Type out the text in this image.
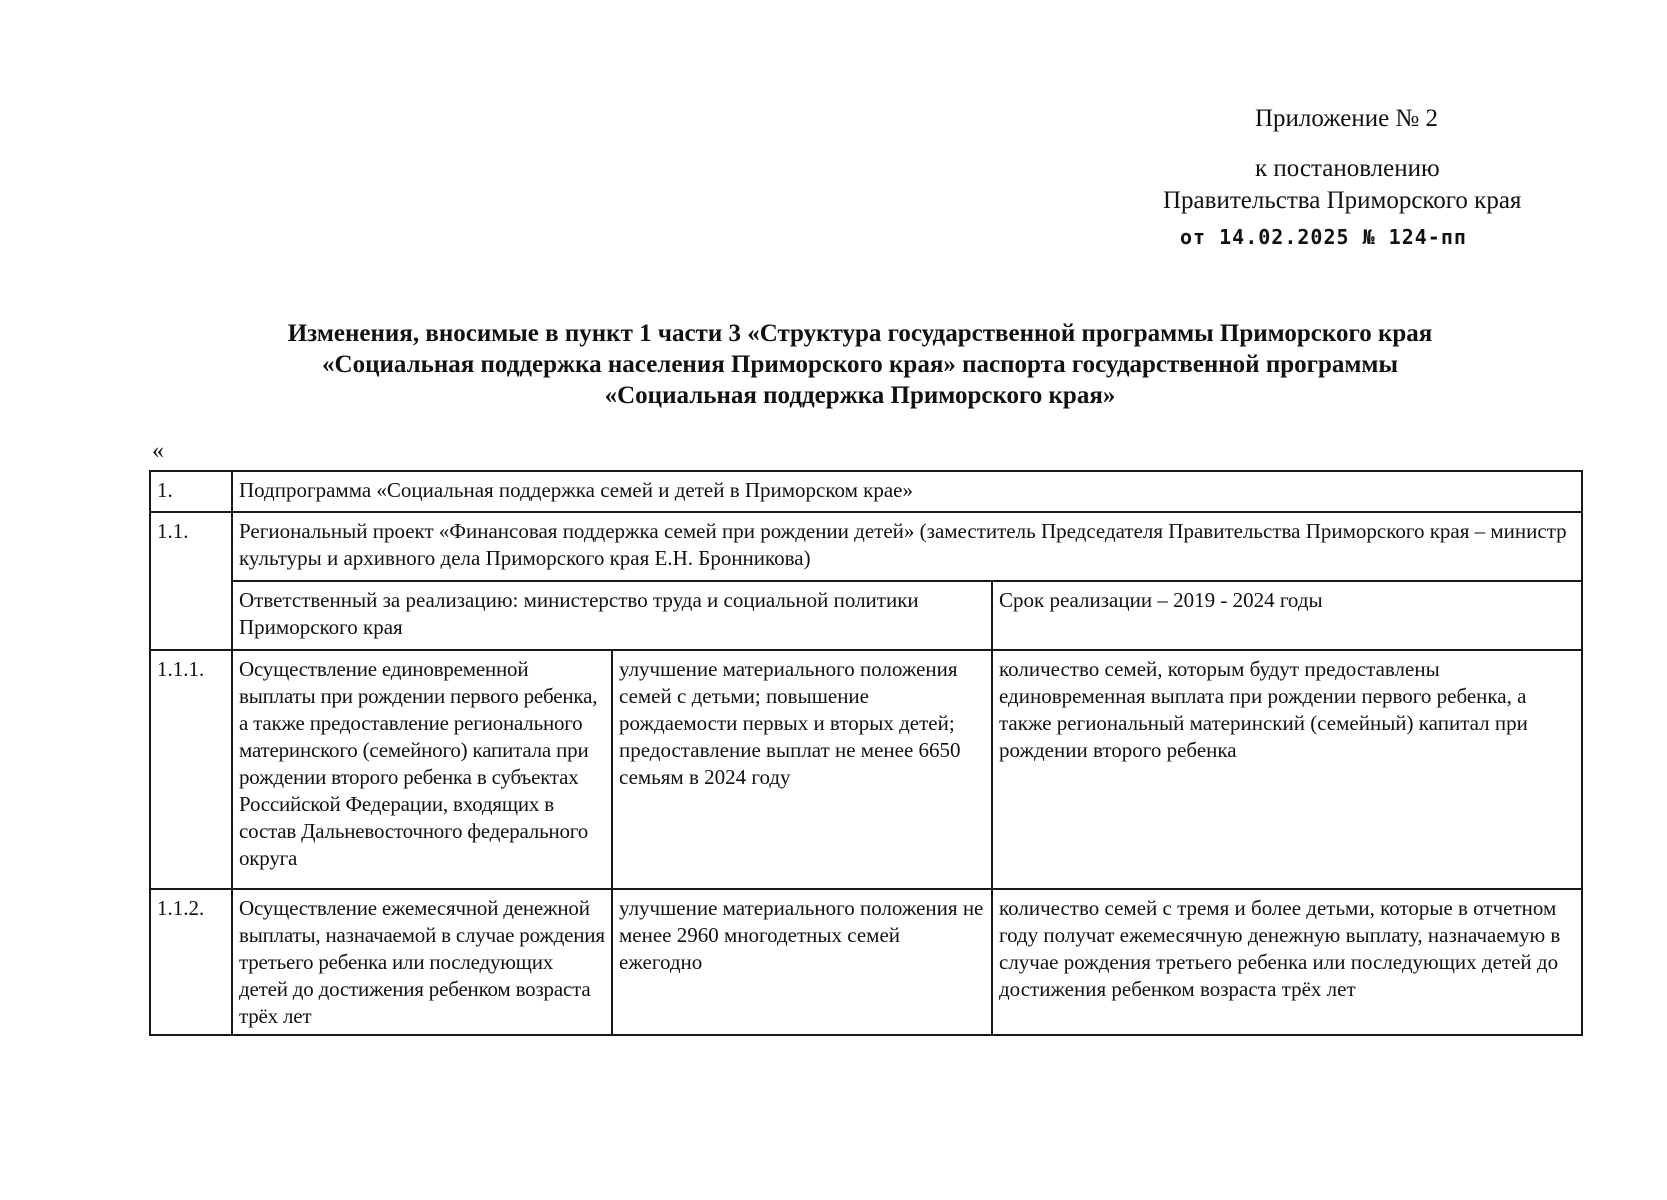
Приложение № 2
к постановлению
Правительства Приморского края
от 14.02.2025 № 124-пп
Изменения, вносимые в пункт 1 части 3 «Структура государственной программы Приморского края
«Социальная поддержка населения Приморского края» паспорта государственной программы
«Социальная поддержка Приморского края»
«
1.	Подпрограмма «Социальная поддержка семей и детей в Приморском крае»		
1.1.	Региональный проект «Финансовая поддержка семей при рождении детей» (заместитель Председателя Правительства Приморского края – министр культуры и архивного дела Приморского края Е.Н. Бронникова)		
	Ответственный за реализацию: министерство труда и социальной политики Приморского края		Срок реализации – 2019 - 2024 годы
1.1.1.	Осуществление единовременной выплаты при рождении первого ребенка, а также предоставление регионального материнского (семейного) капитала при рождении второго ребенка в субъектах Российской Федерации, входящих в состав Дальневосточного федерального округа	улучшение материального положения семей с детьми; повышение рождаемости первых и вторых детей; предоставление выплат не менее 6650 семьям в 2024 году	количество семей, которым будут предоставлены единовременная выплата при рождении первого ребенка, а также региональный материнский (семейный) капитал при рождении второго ребенка
1.1.2.	Осуществление ежемесячной денежной выплаты, назначаемой в случае рождения третьего ребенка или последующих детей до достижения ребенком возраста трёх лет	улучшение материального положения не менее 2960 многодетных семей ежегодно	количество семей с тремя и более детьми, которые в отчетном году получат ежемесячную денежную выплату, назначаемую в случае рождения третьего ребенка или последующих детей до достижения ребенком возраста трёх лет
